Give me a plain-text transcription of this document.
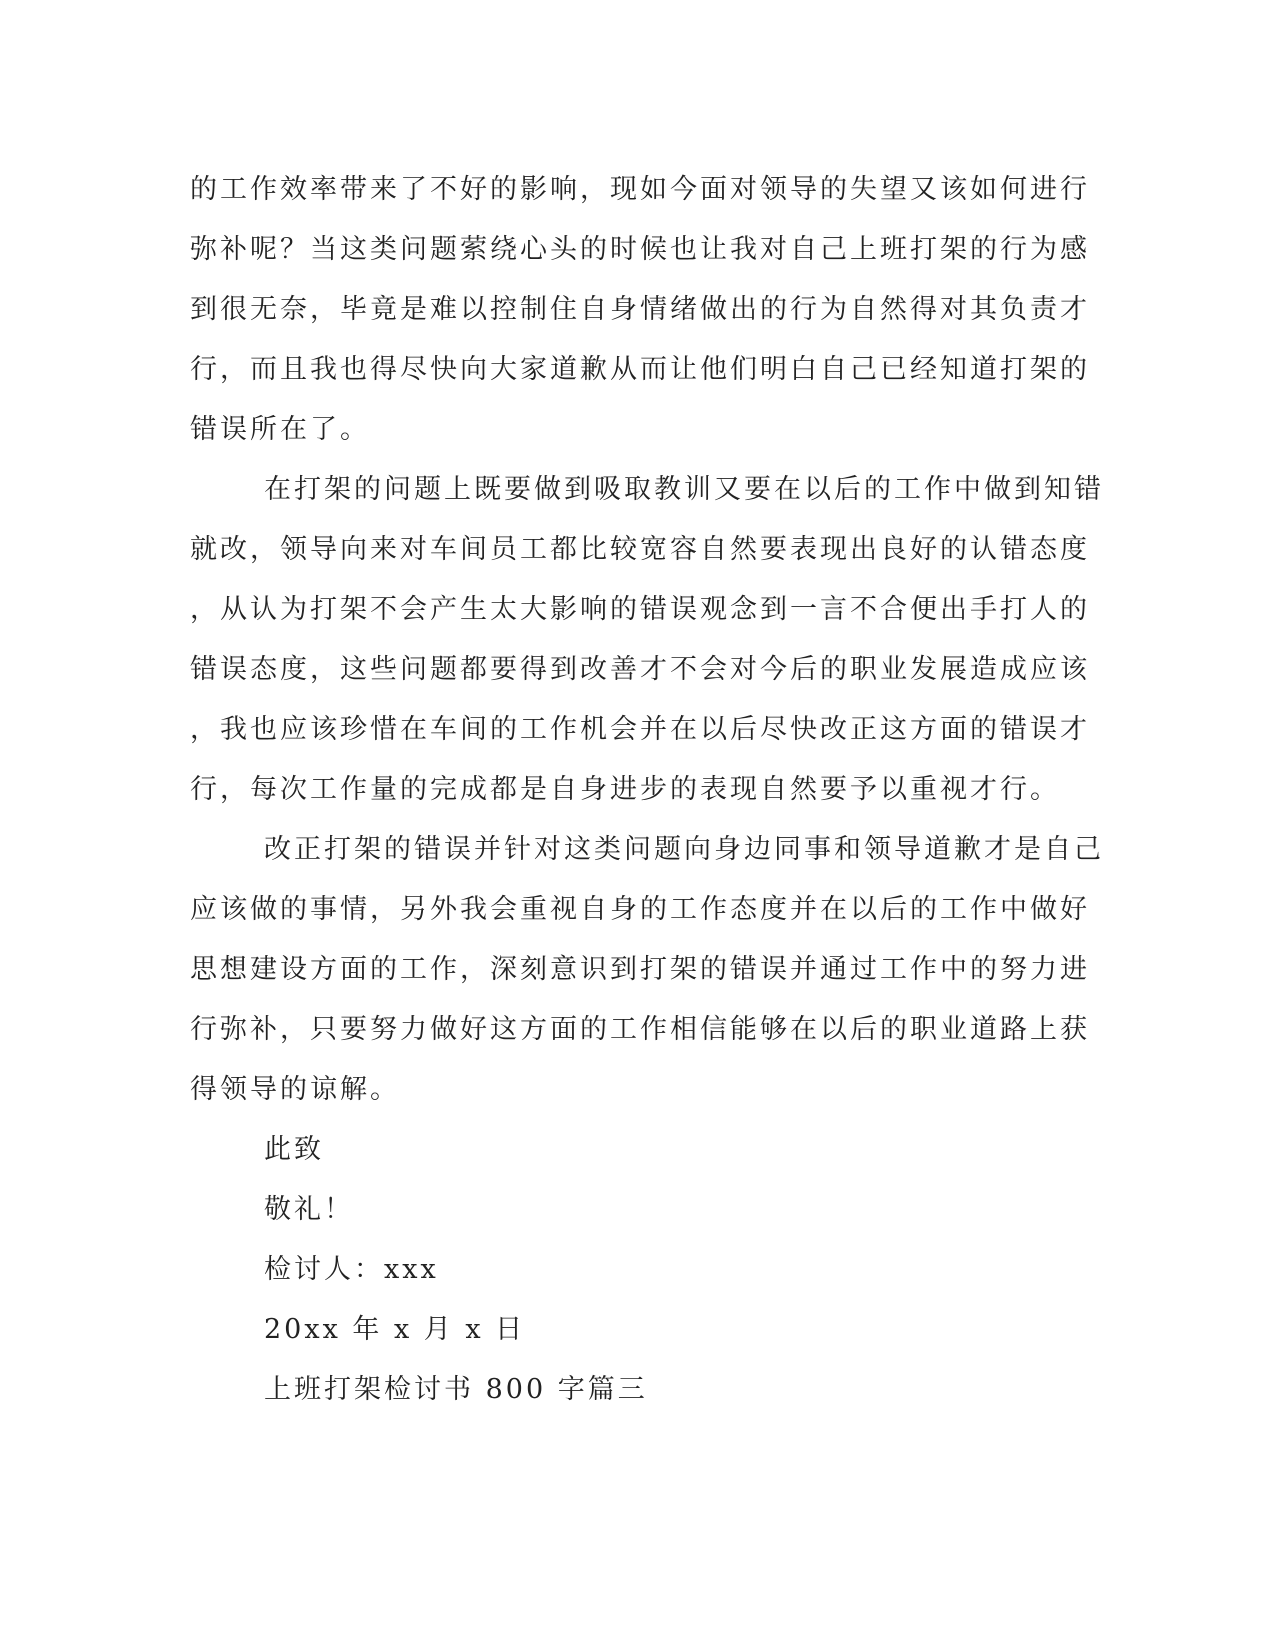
的工作效率带来了不好的影响，现如今面对领导的失望又该如何进行
弥补呢？当这类问题萦绕心头的时候也让我对自己上班打架的行为感
到很无奈，毕竟是难以控制住自身情绪做出的行为自然得对其负责才
行，而且我也得尽快向大家道歉从而让他们明白自己已经知道打架的
错误所在了。
在打架的问题上既要做到吸取教训又要在以后的工作中做到知错
就改，领导向来对车间员工都比较宽容自然要表现出良好的认错态度
，从认为打架不会产生太大影响的错误观念到一言不合便出手打人的
错误态度，这些问题都要得到改善才不会对今后的职业发展造成应该
，我也应该珍惜在车间的工作机会并在以后尽快改正这方面的错误才
行，每次工作量的完成都是自身进步的表现自然要予以重视才行。
改正打架的错误并针对这类问题向身边同事和领导道歉才是自己
应该做的事情，另外我会重视自身的工作态度并在以后的工作中做好
思想建设方面的工作，深刻意识到打架的错误并通过工作中的努力进
行弥补，只要努力做好这方面的工作相信能够在以后的职业道路上获
得领导的谅解。

此致

敬礼！

检讨人：xxx

20xx 年 x 月 x 日

上班打架检讨书 800 字篇三
